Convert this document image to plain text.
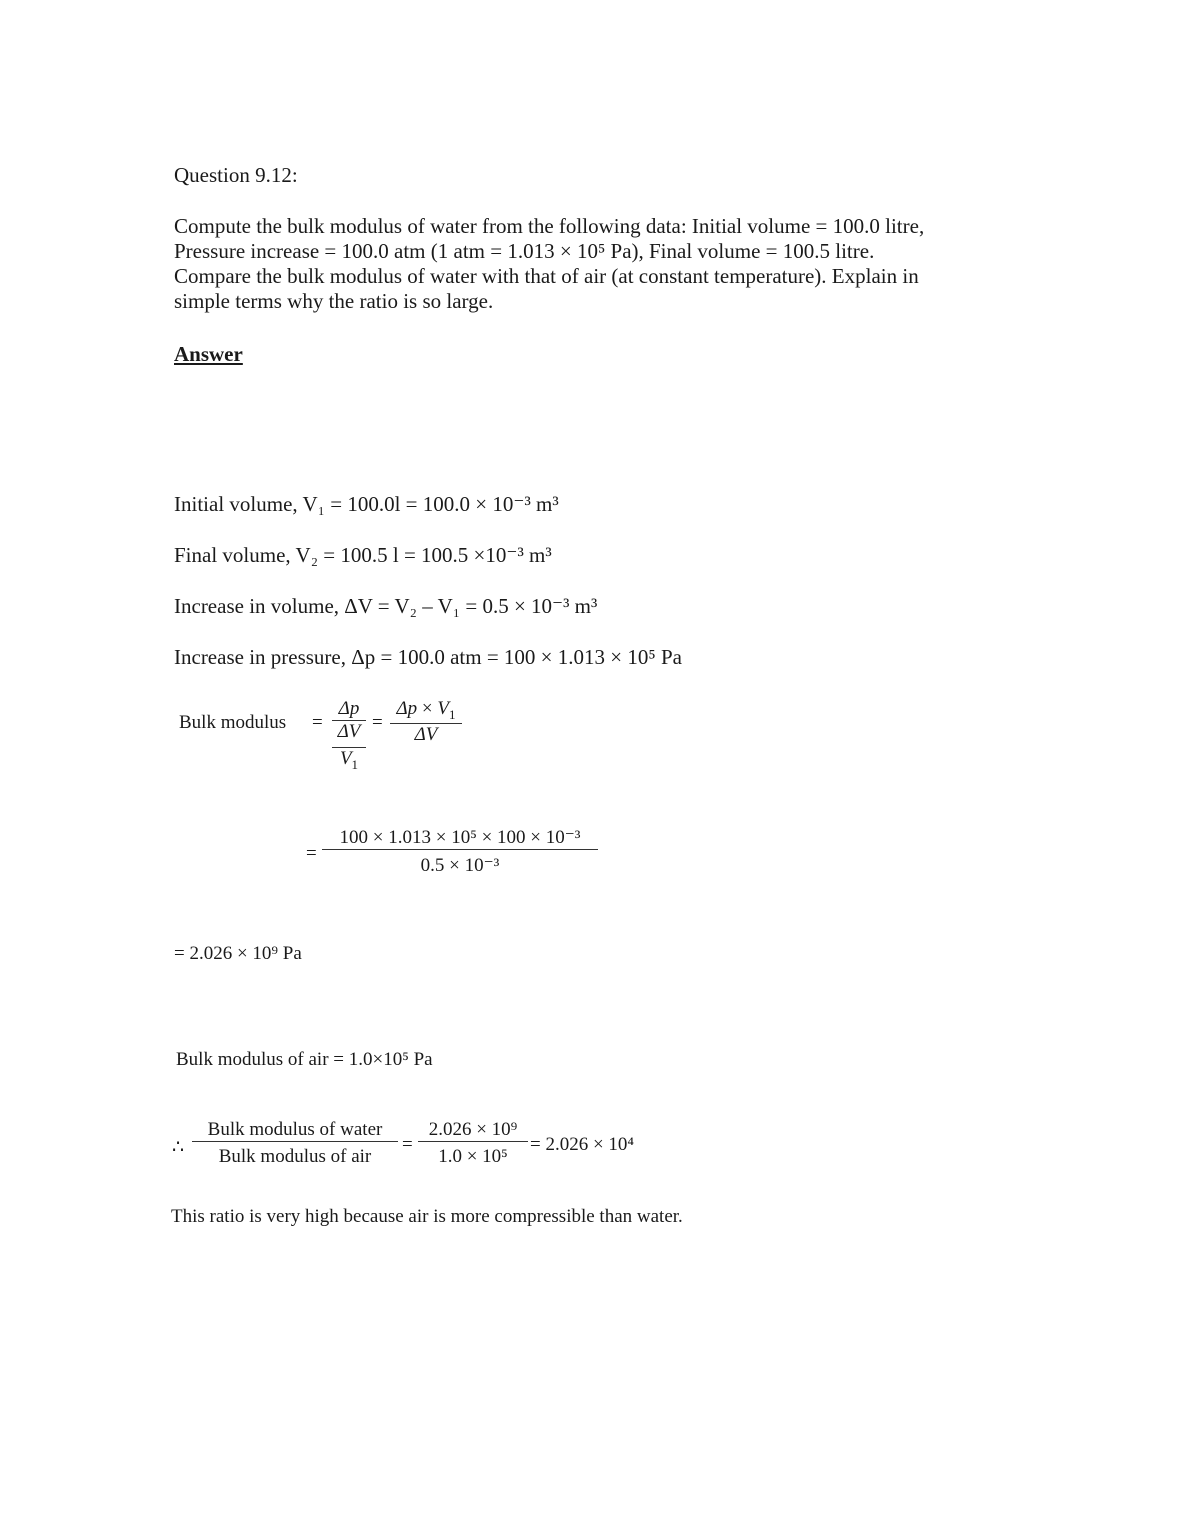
Question 9.12:
Compute the bulk modulus of water from the following data: Initial volume = 100.0 litre,
Pressure increase = 100.0 atm (1 atm = 1.013 × 10⁵ Pa), Final volume = 100.5 litre.
Compare the bulk modulus of water with that of air (at constant temperature). Explain in
simple terms why the ratio is so large.
Answer
Initial volume, V₁ = 100.0l = 100.0 × 10⁻³ m³
Final volume, V₂ = 100.5 l = 100.5 ×10⁻³ m³
Increase in volume, ΔV = V₂ – V₁ = 0.5 × 10⁻³ m³
Increase in pressure, Δp = 100.0 atm = 100 × 1.013 × 10⁵ Pa
Bulk modulus =
Δp
ΔV
$V_1$
= $\frac{\Delta p \times V_1}{\Delta V}$
= $\frac{\text{100 × 1.013 × 10⁵ × 100 × 10⁻³}}{\text{0.5 × 10⁻³}}$
= 2.026 × 10⁹ Pa
Bulk modulus of air = 1.0×10⁵ Pa
∴ $\frac{\text{Bulk modulus of water}}{\text{Bulk modulus of air}} = \frac{\text{2.026 × 10⁹}}{\text{1.0 × 10⁵}} = 2.026 \times 10^4$
This ratio is very high because air is more compressible than water.
